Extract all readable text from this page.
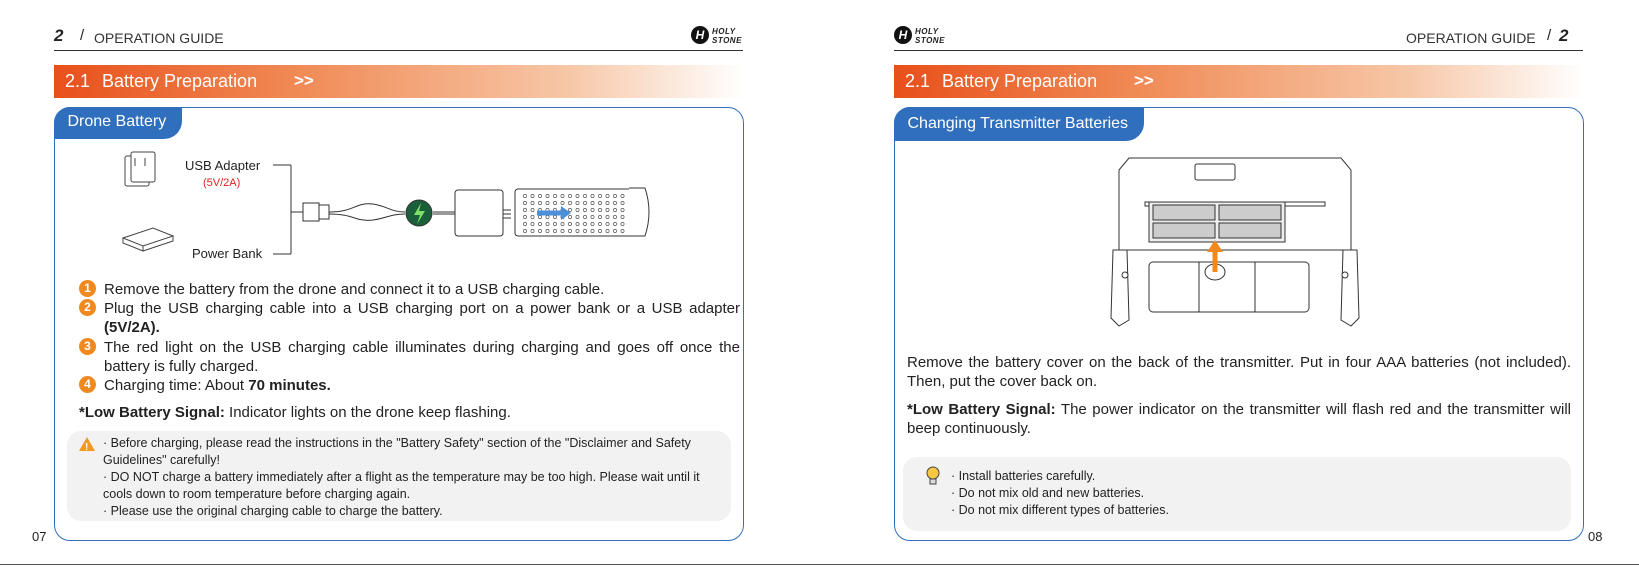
2 / OPERATION GUIDE	H HOLY
STONE
2.1 Battery Preparation >>
Drone Battery
USB Adapter
(5V/2A)
Power Bank
1 Remove the battery from the drone and connect it to a USB charging cable.
2 Plug the USB charging cable into a USB charging port on a power bank or a USB adapter (5V/2A).
3 The red light on the USB charging cable illuminates during charging and goes off once the battery is fully charged.
4 Charging time: About 70 minutes.
*Low Battery Signal: Indicator lights on the drone keep flashing.
! · Before charging, please read the instructions in the "Battery Safety" section of the "Disclaimer and Safety Guidelines" carefully!
· DO NOT charge a battery immediately after a flight as the temperature may be too high. Please wait until it cools down to room temperature before charging again.
· Please use the original charging cable to charge the battery.
07
H HOLY
STONE	OPERATION GUIDE / 2
2.1 Battery Preparation >>
Changing Transmitter Batteries
Remove the battery cover on the back of the transmitter. Put in four AAA batteries (not included). Then, put the cover back on.
*Low Battery Signal: The power indicator on the transmitter will flash red and the transmitter will beep continuously.
· Install batteries carefully.
· Do not mix old and new batteries.
· Do not mix different types of batteries.
08
